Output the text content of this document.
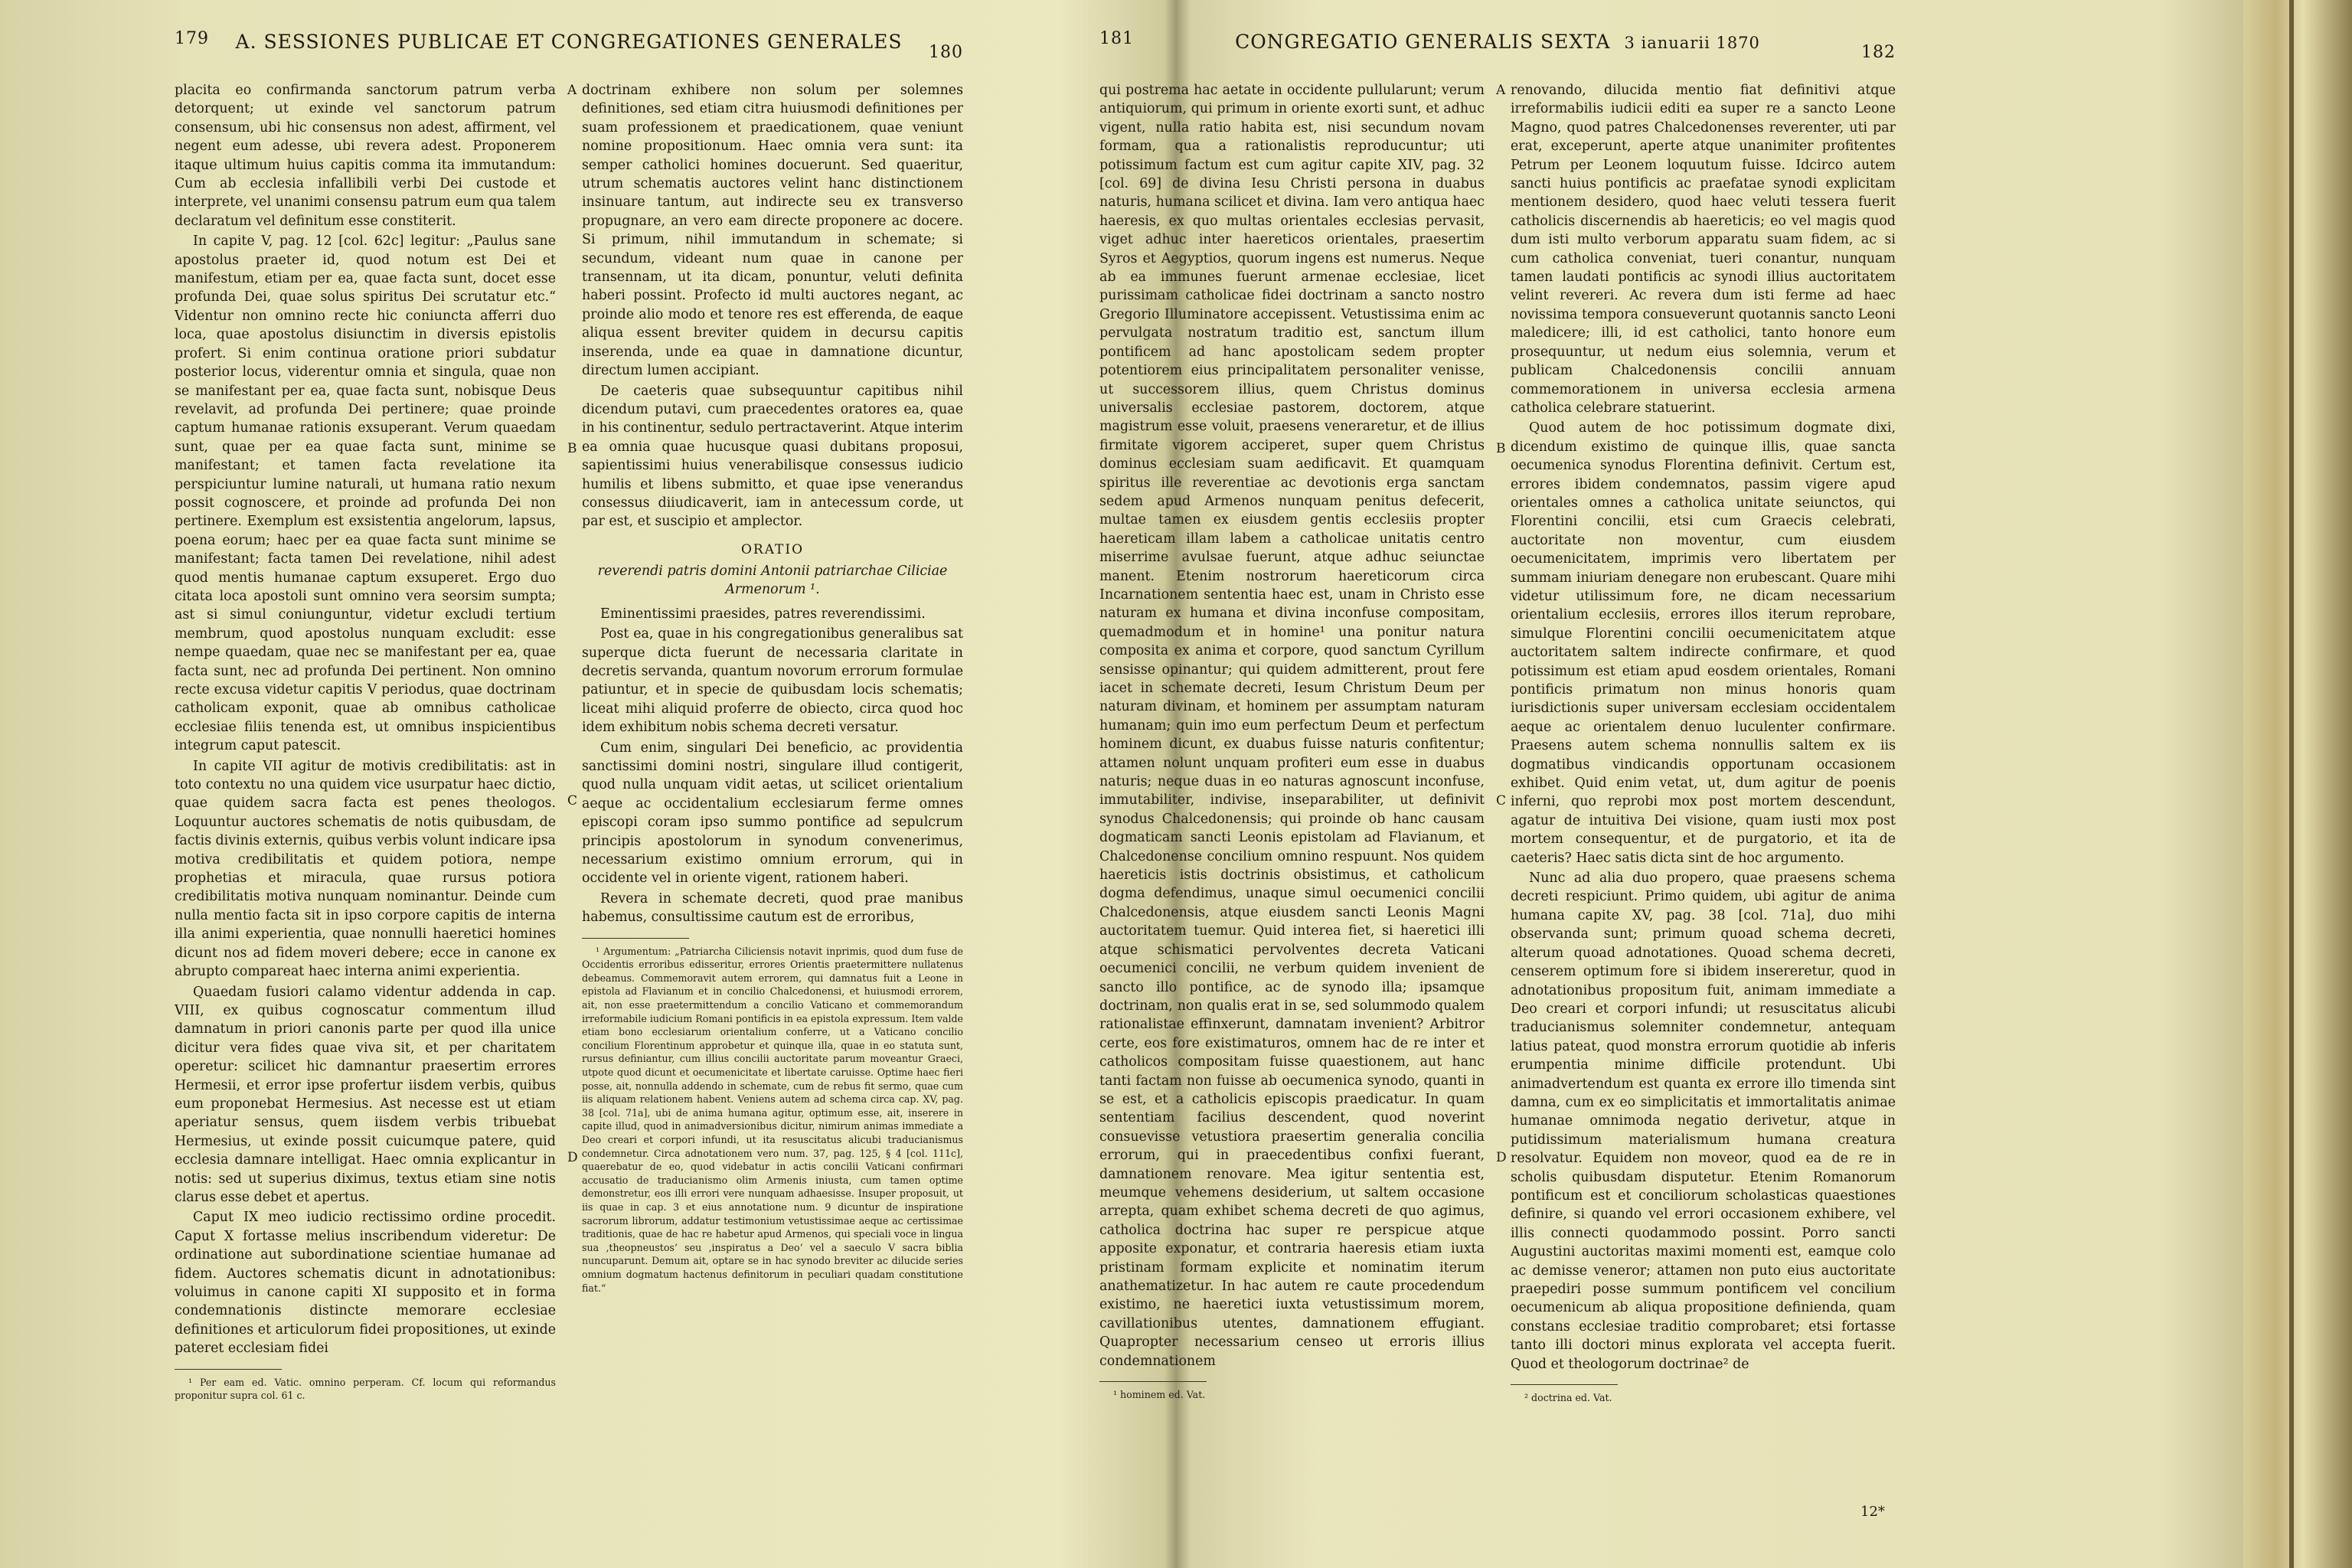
179	A. SESSIONES PUBLICAE ET CONGREGATIONES GENERALES	180

placita eo confirmanda sanctorum patrum verba detorquent; ut exinde vel sanctorum patrum consensum, ubi hic consensus non adest, affirment, vel negent eum adesse, ubi revera adest. Proponerem itaque ultimum huius capitis comma ita immutandum: Cum ab ecclesia infallibili verbi Dei custode et interprete, vel unanimi consensu patrum eum qua talem declaratum vel definitum esse constiterit.

In capite V, pag. 12 [col. 62c] legitur: „Paulus sane apostolus praeter id, quod notum est Dei et manifestum, etiam per ea, quae facta sunt, docet esse profunda Dei, quae solus spiritus Dei scrutatur etc.“ Videntur non omnino recte hic coniuncta afferri duo loca, quae apostolus disiunctim in diversis epistolis profert. Si enim continua oratione priori subdatur posterior locus, viderentur omnia et singula, quae non se manifestant per ea, quae facta sunt, nobisque Deus revelavit, ad profunda Dei pertinere; quae proinde captum humanae rationis exsuperant. Verum quaedam sunt, quae per ea quae facta sunt, minime se manifestant; et tamen facta revelatione ita perspiciuntur lumine naturali, ut humana ratio nexum possit cognoscere, et proinde ad profunda Dei non pertinere. Exemplum est exsistentia angelorum, lapsus, poena eorum; haec per ea quae facta sunt minime se manifestant; facta tamen Dei revelatione, nihil adest quod mentis humanae captum exsuperet. Ergo duo citata loca apostoli sunt omnino vera seorsim sumpta; ast si simul coniunguntur, videtur excludi tertium membrum, quod apostolus nunquam excludit: esse nempe quaedam, quae nec se manifestant per ea, quae facta sunt, nec ad profunda Dei pertinent. Non omnino recte excusa videtur capitis V periodus, quae doctrinam catholicam exponit, quae ab omnibus catholicae ecclesiae filiis tenenda est, ut omnibus inspicientibus integrum caput patescit.

In capite VII agitur de motivis credibilitatis: ast in toto contextu no una quidem vice usurpatur haec dictio, quae quidem sacra facta est penes theologos. Loquuntur auctores schematis de notis quibusdam, de factis divinis externis, quibus verbis volunt indicare ipsa motiva credibilitatis et quidem potiora, nempe prophetias et miracula, quae rursus potiora credibilitatis motiva nunquam nominantur. Deinde cum nulla mentio facta sit in ipso corpore capitis de interna illa animi experientia, quae nonnulli haeretici homines dicunt nos ad fidem moveri debere; ecce in canone ex abrupto compareat haec interna animi experientia.

Quaedam fusiori calamo videntur addenda in cap. VIII, ex quibus cognoscatur commentum illud damnatum in priori canonis parte per quod illa unice dicitur vera fides quae viva sit, et per charitatem operetur: scilicet hic damnantur praesertim errores Hermesii, et error ipse profertur iisdem verbis, quibus eum proponebat Hermesius. Ast necesse est ut etiam aperiatur sensus, quem iisdem verbis tribuebat Hermesius, ut exinde possit cuicumque patere, quid ecclesia damnare intelligat. Haec omnia explicantur in notis: sed ut superius diximus, textus etiam sine notis clarus esse debet et apertus.

Caput IX meo iudicio rectissimo ordine procedit. Caput X fortasse melius inscribendum videretur: De ordinatione aut subordinatione scientiae humanae ad fidem. Auctores schematis dicunt in adnotationibus: voluimus in canone capiti XI supposito et in forma condemnationis distincte memorare ecclesiae definitiones et articulorum fidei propositiones, ut exinde pateret ecclesiam fidei

¹ Per eam ed. Vatic. omnino perperam. Cf. locum qui reformandus proponitur supra col. 61 c.

A
B
C
D

doctrinam exhibere non solum per solemnes definitiones, sed etiam citra huiusmodi definitiones per suam professionem et praedicationem, quae veniunt nomine propositionum. Haec omnia vera sunt: ita semper catholici homines docuerunt. Sed quaeritur, utrum schematis auctores velint hanc distinctionem insinuare tantum, aut indirecte seu ex transverso propugnare, an vero eam directe proponere ac docere. Si primum, nihil immutandum in schemate; si secundum, videant num quae in canone per transennam, ut ita dicam, ponuntur, veluti definita haberi possint. Profecto id multi auctores negant, ac proinde alio modo et tenore res est efferenda, de eaque aliqua essent breviter quidem in decursu capitis inserenda, unde ea quae in damnatione dicuntur, directum lumen accipiant.

De caeteris quae subsequuntur capitibus nihil dicendum putavi, cum praecedentes oratores ea, quae in his continentur, sedulo pertractaverint. Atque interim ea omnia quae hucusque quasi dubitans proposui, sapientissimi huius venerabilisque consessus iudicio humilis et libens submitto, et quae ipse venerandus consessus diiudicaverit, iam in antecessum corde, ut par est, et suscipio et amplector.

ORATIO
reverendi patris domini Antonii patriarchae Ciliciae Armenorum ¹.

Eminentissimi praesides, patres reverendissimi.

Post ea, quae in his congregationibus generalibus sat superque dicta fuerunt de necessaria claritate in decretis servanda, quantum novorum errorum formulae patiuntur, et in specie de quibusdam locis schematis; liceat mihi aliquid proferre de obiecto, circa quod hoc idem exhibitum nobis schema decreti versatur.

Cum enim, singulari Dei beneficio, ac providentia sanctissimi domini nostri, singulare illud contigerit, quod nulla unquam vidit aetas, ut scilicet orientalium aeque ac occidentalium ecclesiarum ferme omnes episcopi coram ipso summo pontifice ad sepulcrum principis apostolorum in synodum convenerimus, necessarium existimo omnium errorum, qui in occidente vel in oriente vigent, rationem haberi.

Revera in schemate decreti, quod prae manibus habemus, consultissime cautum est de erroribus,

¹ Argumentum: „Patriarcha Ciliciensis notavit inprimis, quod dum fuse de Occidentis erroribus edisseritur, errores Orientis praetermittere nullatenus debeamus. Commemoravit autem errorem, qui damnatus fuit a Leone in epistola ad Flavianum et in concilio Chalcedonensi, et huiusmodi errorem, ait, non esse praetermittendum a concilio Vaticano et commemorandum irreformabile iudicium Romani pontificis in ea epistola expressum. Item valde etiam bono ecclesiarum orientalium conferre, ut a Vaticano concilio concilium Florentinum approbetur et quinque illa, quae in eo statuta sunt, rursus definiantur, cum illius concilii auctoritate parum moveantur Graeci, utpote quod dicunt et oecumenicitate et libertate caruisse. Optime haec fieri posse, ait, nonnulla addendo in schemate, cum de rebus fit sermo, quae cum iis aliquam relationem habent. Veniens autem ad schema circa cap. XV, pag. 38 [col. 71a], ubi de anima humana agitur, optimum esse, ait, inserere in capite illud, quod in animadversionibus dicitur, nimirum animas immediate a Deo creari et corpori infundi, ut ita resuscitatus alicubi traducianismus condemnetur. Circa adnotationem vero num. 37, pag. 125, § 4 [col. 111c], quaerebatur de eo, quod videbatur in actis concilii Vaticani confirmari accusatio de traducianismo olim Armenis iniusta, cum tamen optime demonstretur, eos illi errori vere nunquam adhaesisse. Insuper proposuit, ut iis quae in cap. 3 et eius annotatione num. 9 dicuntur de inspiratione sacrorum librorum, addatur testimonium vetustissimae aeque ac certissimae traditionis, quae de hac re habetur apud Armenos, qui speciali voce in lingua sua ‚theopneustos‘ seu ‚inspiratus a Deo‘ vel a saeculo V sacra biblia nuncuparunt. Demum ait, optare se in hac synodo breviter ac dilucide series omnium dogmatum hactenus definitorum in peculiari quadam constitutione fiat.“

181	CONGREGATIO GENERALIS SEXTA 3 ianuarii 1870	182

qui postrema hac aetate in occidente pullularunt; verum antiquiorum, qui primum in oriente exorti sunt, et adhuc vigent, nulla ratio habita est, nisi secundum novam formam, qua a rationalistis reproducuntur; uti potissimum factum est cum agitur capite XIV, pag. 32 [col. 69] de divina Iesu Christi persona in duabus naturis, humana scilicet et divina. Iam vero antiqua haec haeresis, ex quo multas orientales ecclesias pervasit, viget adhuc inter haereticos orientales, praesertim Syros et Aegyptios, quorum ingens est numerus. Neque ab ea immunes fuerunt armenae ecclesiae, licet purissimam catholicae fidei doctrinam a sancto nostro Gregorio Illuminatore accepissent. Vetustissima enim ac pervulgata nostratum traditio est, sanctum illum pontificem ad hanc apostolicam sedem propter potentiorem eius principalitatem personaliter venisse, ut successorem illius, quem Christus dominus universalis ecclesiae pastorem, doctorem, atque magistrum esse voluit, praesens veneraretur, et de illius firmitate vigorem acciperet, super quem Christus dominus ecclesiam suam aedificavit. Et quamquam spiritus ille reverentiae ac devotionis erga sanctam sedem apud Armenos nunquam penitus defecerit, multae tamen ex eiusdem gentis ecclesiis propter haereticam illam labem a catholicae unitatis centro miserrime avulsae fuerunt, atque adhuc seiunctae manent. Etenim nostrorum haereticorum circa Incarnationem sententia haec est, unam in Christo esse naturam ex humana et divina inconfuse compositam, quemadmodum et in homine¹ una ponitur natura composita ex anima et corpore, quod sanctum Cyrillum sensisse opinantur; qui quidem admitterent, prout fere iacet in schemate decreti, Iesum Christum Deum per naturam divinam, et hominem per assumptam naturam humanam; quin imo eum perfectum Deum et perfectum hominem dicunt, ex duabus fuisse naturis confitentur; attamen nolunt unquam profiteri eum esse in duabus naturis; neque duas in eo naturas agnoscunt inconfuse, immutabiliter, indivise, inseparabiliter, ut definivit synodus Chalcedonensis; qui proinde ob hanc causam dogmaticam sancti Leonis epistolam ad Flavianum, et Chalcedonense concilium omnino respuunt. Nos quidem haereticis istis doctrinis obsistimus, et catholicum dogma defendimus, unaque simul oecumenici concilii Chalcedonensis, atque eiusdem sancti Leonis Magni auctoritatem tuemur. Quid interea fiet, si haeretici illi atque schismatici pervolventes decreta Vaticani oecumenici concilii, ne verbum quidem invenient de sancto illo pontifice, ac de synodo illa; ipsamque doctrinam, non qualis erat in se, sed solummodo qualem rationalistae effinxerunt, damnatam invenient? Arbitror certe, eos fore existimaturos, omnem hac de re inter et catholicos compositam fuisse quaestionem, aut hanc tanti factam non fuisse ab oecumenica synodo, quanti in se est, et a catholicis episcopis praedicatur. In quam sententiam facilius descendent, quod noverint consuevisse vetustiora praesertim generalia concilia errorum, qui in praecedentibus confixi fuerant, damnationem renovare. Mea igitur sententia est, meumque vehemens desiderium, ut saltem occasione arrepta, quam exhibet schema decreti de quo agimus, catholica doctrina hac super re perspicue atque apposite exponatur, et contraria haeresis etiam iuxta pristinam formam explicite et nominatim iterum anathematizetur. In hac autem re caute procedendum existimo, ne haeretici iuxta vetustissimum morem, cavillationibus utentes, damnationem effugiant. Quapropter necessarium censeo ut erroris illius condemnationem

¹ hominem ed. Vat.

A
B
C
D

renovando, dilucida mentio fiat definitivi atque irreformabilis iudicii editi ea super re a sancto Leone Magno, quod patres Chalcedonenses reverenter, uti par erat, exceperunt, aperte atque unanimiter profitentes Petrum per Leonem loquutum fuisse. Idcirco autem sancti huius pontificis ac praefatae synodi explicitam mentionem desidero, quod haec veluti tessera fuerit catholicis discernendis ab haereticis; eo vel magis quod dum isti multo verborum apparatu suam fidem, ac si cum catholica conveniat, tueri conantur, nunquam tamen laudati pontificis ac synodi illius auctoritatem velint revereri. Ac revera dum isti ferme ad haec novissima tempora consueverunt quotannis sancto Leoni maledicere; illi, id est catholici, tanto honore eum prosequuntur, ut nedum eius solemnia, verum et publicam Chalcedonensis concilii annuam commemorationem in universa ecclesia armena catholica celebrare statuerint.

Quod autem de hoc potissimum dogmate dixi, dicendum existimo de quinque illis, quae sancta oecumenica synodus Florentina definivit. Certum est, errores ibidem condemnatos, passim vigere apud orientales omnes a catholica unitate seiunctos, qui Florentini concilii, etsi cum Graecis celebrati, auctoritate non moventur, cum eiusdem oecumenicitatem, imprimis vero libertatem per summam iniuriam denegare non erubescant. Quare mihi videtur utilissimum fore, ne dicam necessarium orientalium ecclesiis, errores illos iterum reprobare, simulque Florentini concilii oecumenicitatem atque auctoritatem saltem indirecte confirmare, et quod potissimum est etiam apud eosdem orientales, Romani pontificis primatum non minus honoris quam iurisdictionis super universam ecclesiam occidentalem aeque ac orientalem denuo luculenter confirmare. Praesens autem schema nonnullis saltem ex iis dogmatibus vindicandis opportunam occasionem exhibet. Quid enim vetat, ut, dum agitur de poenis inferni, quo reprobi mox post mortem descendunt, agatur de intuitiva Dei visione, quam iusti mox post mortem consequentur, et de purgatorio, et ita de caeteris? Haec satis dicta sint de hoc argumento.

Nunc ad alia duo propero, quae praesens schema decreti respiciunt. Primo quidem, ubi agitur de anima humana capite XV, pag. 38 [col. 71a], duo mihi observanda sunt; primum quoad schema decreti, alterum quoad adnotationes. Quoad schema decreti, censerem optimum fore si ibidem insereretur, quod in adnotationibus propositum fuit, animam immediate a Deo creari et corpori infundi; ut resuscitatus alicubi traducianismus solemniter condemnetur, antequam latius pateat, quod monstra errorum quotidie ab inferis erumpentia minime difficile protendunt. Ubi animadvertendum est quanta ex errore illo timenda sint damna, cum ex eo simplicitatis et immortalitatis animae humanae omnimoda negatio derivetur, atque in putidissimum materialismum humana creatura resolvatur. Equidem non moveor, quod ea de re in scholis quibusdam disputetur. Etenim Romanorum pontificum est et conciliorum scholasticas quaestiones definire, si quando vel errori occasionem exhibere, vel illis connecti quodammodo possint. Porro sancti Augustini auctoritas maximi momenti est, eamque colo ac demisse veneror; attamen non puto eius auctoritate praepediri posse summum pontificem vel concilium oecumenicum ab aliqua propositione definienda, quam constans ecclesiae traditio comprobaret; etsi fortasse tanto illi doctori minus explorata vel accepta fuerit. Quod et theologorum doctrinae² de

² doctrina ed. Vat.

12*
